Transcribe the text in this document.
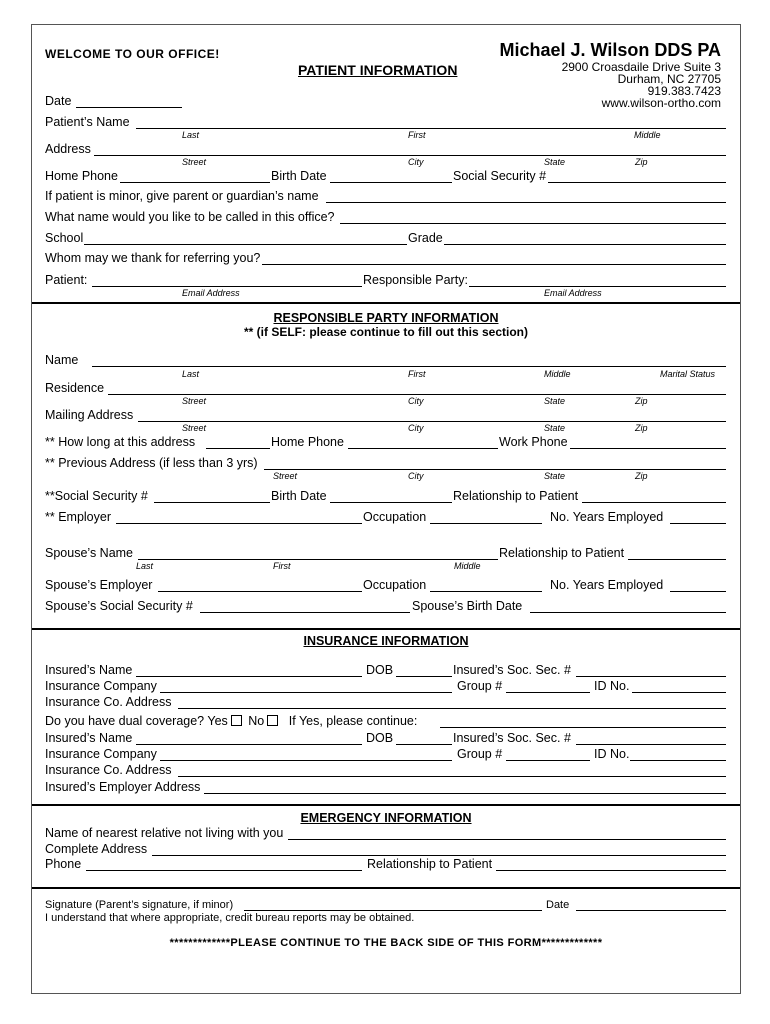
WELCOME TO OUR OFFICE!
PATIENT INFORMATION
Michael J. Wilson DDS PA
2900 Croasdaile Drive Suite 3
Durham, NC 27705
919.383.7423
www.wilson-ortho.com
Date
Patient’s Name
Last	First	Middle
Address
Street	City	State	Zip
Home Phone	Birth Date	Social Security #
If patient is minor, give parent or guardian’s name
What name would you like to be called in this office?
School	Grade
Whom may we thank for referring you?
Patient:	Responsible Party:
Email Address	Email Address
RESPONSIBLE PARTY INFORMATION
** (if SELF: please continue to fill out this section)
Name
Last	First	Middle	Marital Status
Residence
Street	City	State	Zip
Mailing Address
Street	City	State	Zip
** How long at this address	Home Phone	Work Phone
** Previous Address (if less than 3 yrs)
Street	City	State	Zip
**Social Security #	Birth Date	Relationship to Patient
** Employer	Occupation	No. Years Employed
Spouse’s Name	Relationship to Patient
Last	First	Middle
Spouse’s Employer	Occupation	No. Years Employed
Spouse’s Social Security #	Spouse’s Birth Date
INSURANCE INFORMATION
Insured’s Name	DOB	Insured’s Soc. Sec. #
Insurance Company	Group #	ID No.
Insurance Co. Address
Do you have dual coverage? Yes No If Yes, please continue:
Insured’s Name	DOB	Insured’s Soc. Sec. #
Insurance Company	Group #	ID No.
Insurance Co. Address
Insured’s Employer Address
EMERGENCY INFORMATION
Name of nearest relative not living with you
Complete Address
Phone	Relationship to Patient
Signature (Parent’s signature, if minor)	Date
I understand that where appropriate, credit bureau reports may be obtained.
*************PLEASE CONTINUE TO THE BACK SIDE OF THIS FORM*************
